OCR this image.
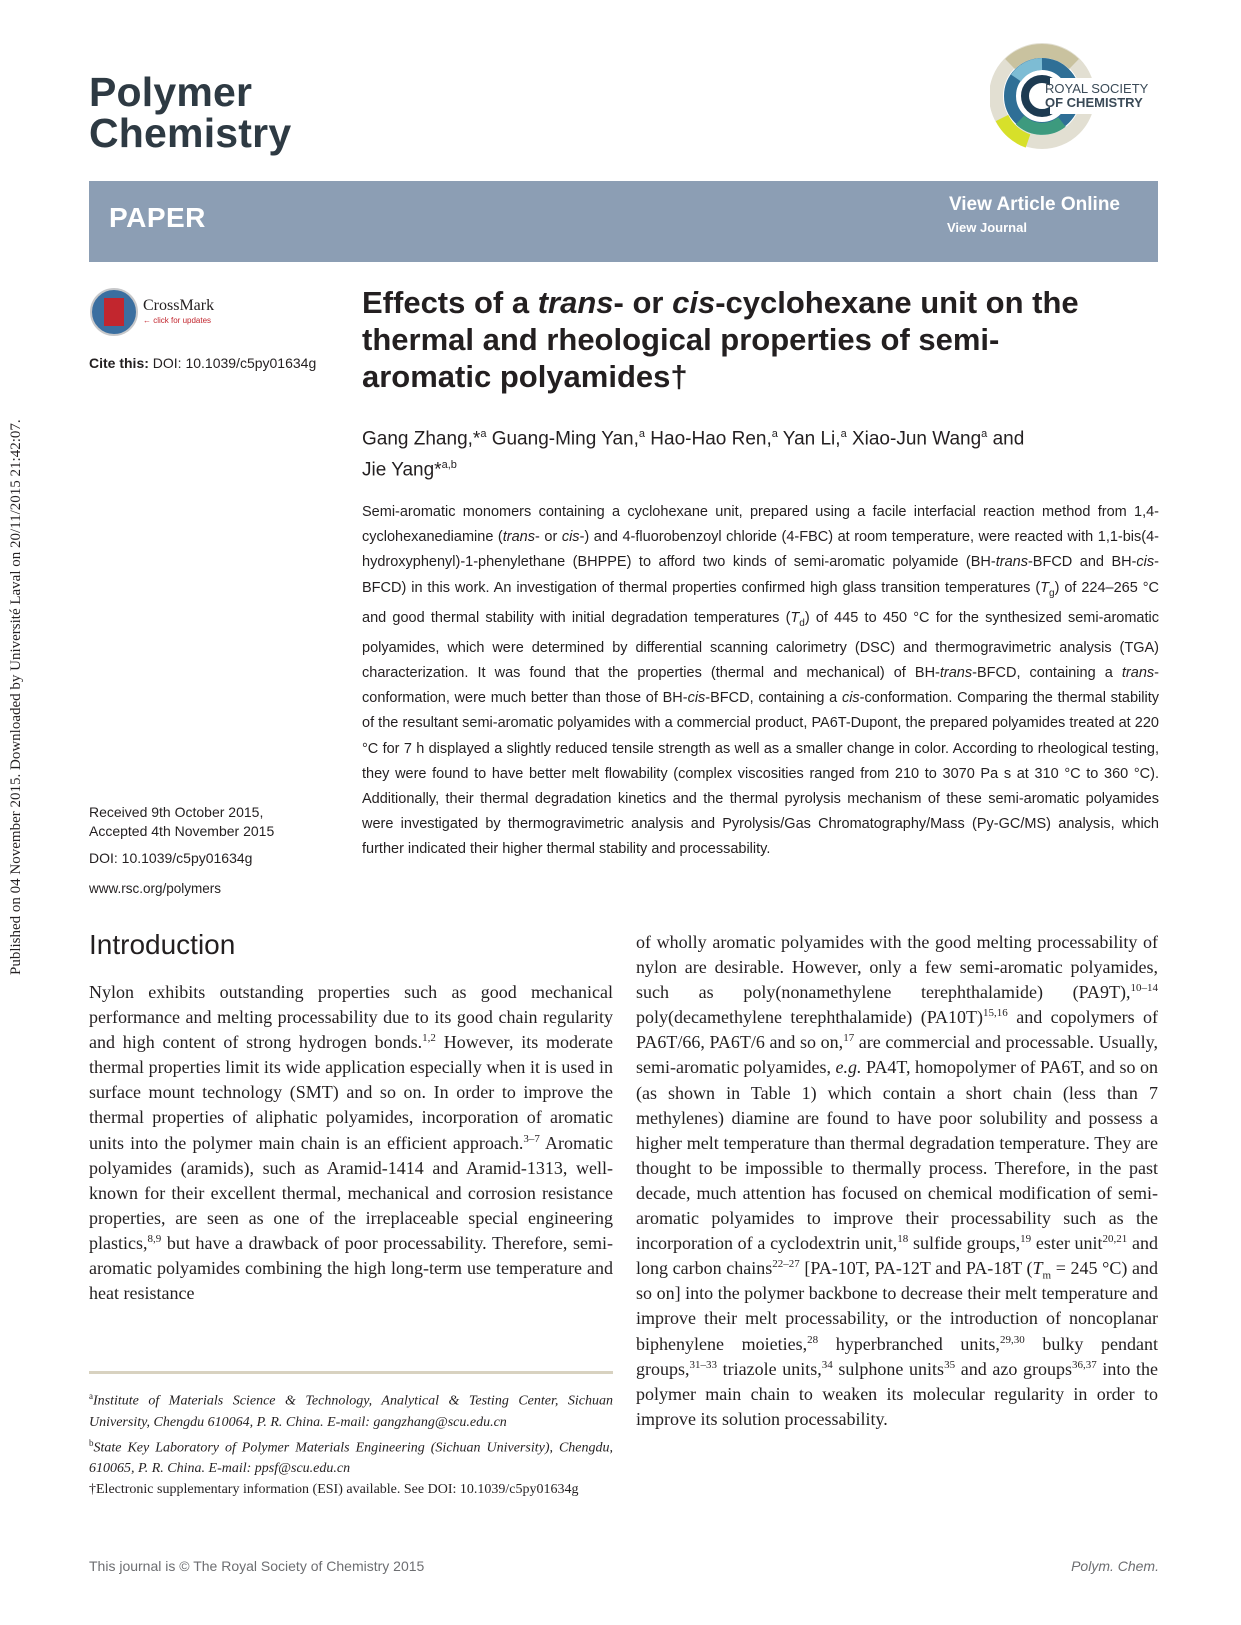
Published on 04 November 2015. Downloaded by Université Laval on 20/11/2015 21:42:07.
Polymer
Chemistry
ROYAL SOCIETY
OF CHEMISTRY
PAPER	View Article Online
View Journal
CrossMark
← click for updates
Cite this: DOI: 10.1039/c5py01634g
Effects of a trans- or cis-cyclohexane unit on the thermal and rheological properties of semi-aromatic polyamides†
Gang Zhang,*$^a$ Guang-Ming Yan,$^a$ Hao-Hao Ren,$^a$ Yan Li,$^a$ Xiao-Jun Wang$^a$ and
Jie Yang*$^{a,b}$
Semi-aromatic monomers containing a cyclohexane unit, prepared using a facile interfacial reaction method from 1,4-cyclohexanediamine (trans- or cis-) and 4-fluorobenzoyl chloride (4-FBC) at room temperature, were reacted with 1,1-bis(4-hydroxyphenyl)-1-phenylethane (BHPPE) to afford two kinds of semi-aromatic polyamide (BH-trans-BFCD and BH-cis-BFCD) in this work. An investigation of thermal properties confirmed high glass transition temperatures $(T_g)$ of 224–265 °C and good thermal stability with initial degradation temperatures $(T_d)$ of 445 to 450 °C for the synthesized semi-aromatic polyamides, which were determined by differential scanning calorimetry (DSC) and thermogravimetric analysis (TGA) characterization. It was found that the properties (thermal and mechanical) of BH-trans-BFCD, containing a trans-conformation, were much better than those of BH-cis-BFCD, containing a cis-conformation. Comparing the thermal stability of the resultant semi-aromatic polyamides with a commercial product, PA6T-Dupont, the prepared polyamides treated at 220 °C for 7 h displayed a slightly reduced tensile strength as well as a smaller change in color. According to rheological testing, they were found to have better melt flowability (complex viscosities ranged from 210 to 3070 Pa s at 310 °C to 360 °C). Additionally, their thermal degradation kinetics and the thermal pyrolysis mechanism of these semi-aromatic polyamides were investigated by thermogravimetric analysis and Pyrolysis/Gas Chromatography/Mass (Py-GC/MS) analysis, which further indicated their higher thermal stability and processability.
Received 9th October 2015,
Accepted 4th November 2015
DOI: 10.1039/c5py01634g
www.rsc.org/polymers
Introduction
Nylon exhibits outstanding properties such as good mechanical performance and melting processability due to its good chain regularity and high content of strong hydrogen bonds.$^{1,2}$ However, its moderate thermal properties limit its wide application especially when it is used in surface mount technology (SMT) and so on. In order to improve the thermal properties of aliphatic polyamides, incorporation of aromatic units into the polymer main chain is an efficient approach.$^{3-7}$ Aromatic polyamides (aramids), such as Aramid-1414 and Aramid-1313, well-known for their excellent thermal, mechanical and corrosion resistance properties, are seen as one of the irreplaceable special engineering plastics,$^{8,9}$ but have a drawback of poor processability. Therefore, semi-aromatic polyamides combining the high long-term use temperature and heat resistance
of wholly aromatic polyamides with the good melting processability of nylon are desirable. However, only a few semi-aromatic polyamides, such as poly(nonamethylene terephthalamide) (PA9T),$^{10-14}$ poly(decamethylene terephthalamide) $(PA10T)^{15,16}$ and copolymers of PA6T/66, PA6T/6 and so on,$^{17}$ are commercial and processable. Usually, semi-aromatic polyamides, e.g. PA4T, homopolymer of PA6T, and so on (as shown in Table 1) which contain a short chain (less than 7 methylenes) diamine are found to have poor solubility and possess a higher melt temperature than thermal degradation temperature. They are thought to be impossible to thermally process. Therefore, in the past decade, much attention has focused on chemical modification of semi-aromatic polyamides to improve their processability such as the incorporation of a cyclodextrin unit,$^{18}$ sulfide groups,$^{19}$ ester unit$^{20,21}$ and long carbon chains$^{22-27}$ [PA-10T, PA-12T and PA-18T ($T_m = 245$ °C) and so on] into the polymer backbone to decrease their melt temperature and improve their melt processability, or the introduction of noncoplanar biphenylene moieties,$^{28}$ hyperbranched units,$^{29,30}$ bulky pendant groups,$^{31-33}$ triazole units,$^{34}$ sulphone units$^{35}$ and azo groups$^{36,37}$ into the polymer main chain to weaken its molecular regularity in order to improve its solution processability.

$^a$Institute of Materials Science & Technology, Analytical & Testing Center, Sichuan University, Chengdu 610064, P. R. China. E-mail: gangzhang@scu.edu.cn

$^b$State Key Laboratory of Polymer Materials Engineering (Sichuan University), Chengdu, 610065, P. R. China. E-mail: ppsf@scu.edu.cn

†Electronic supplementary information (ESI) available. See DOI: 10.1039/c5py01634g

This journal is © The Royal Society of Chemistry 2015	Polym. Chem.
